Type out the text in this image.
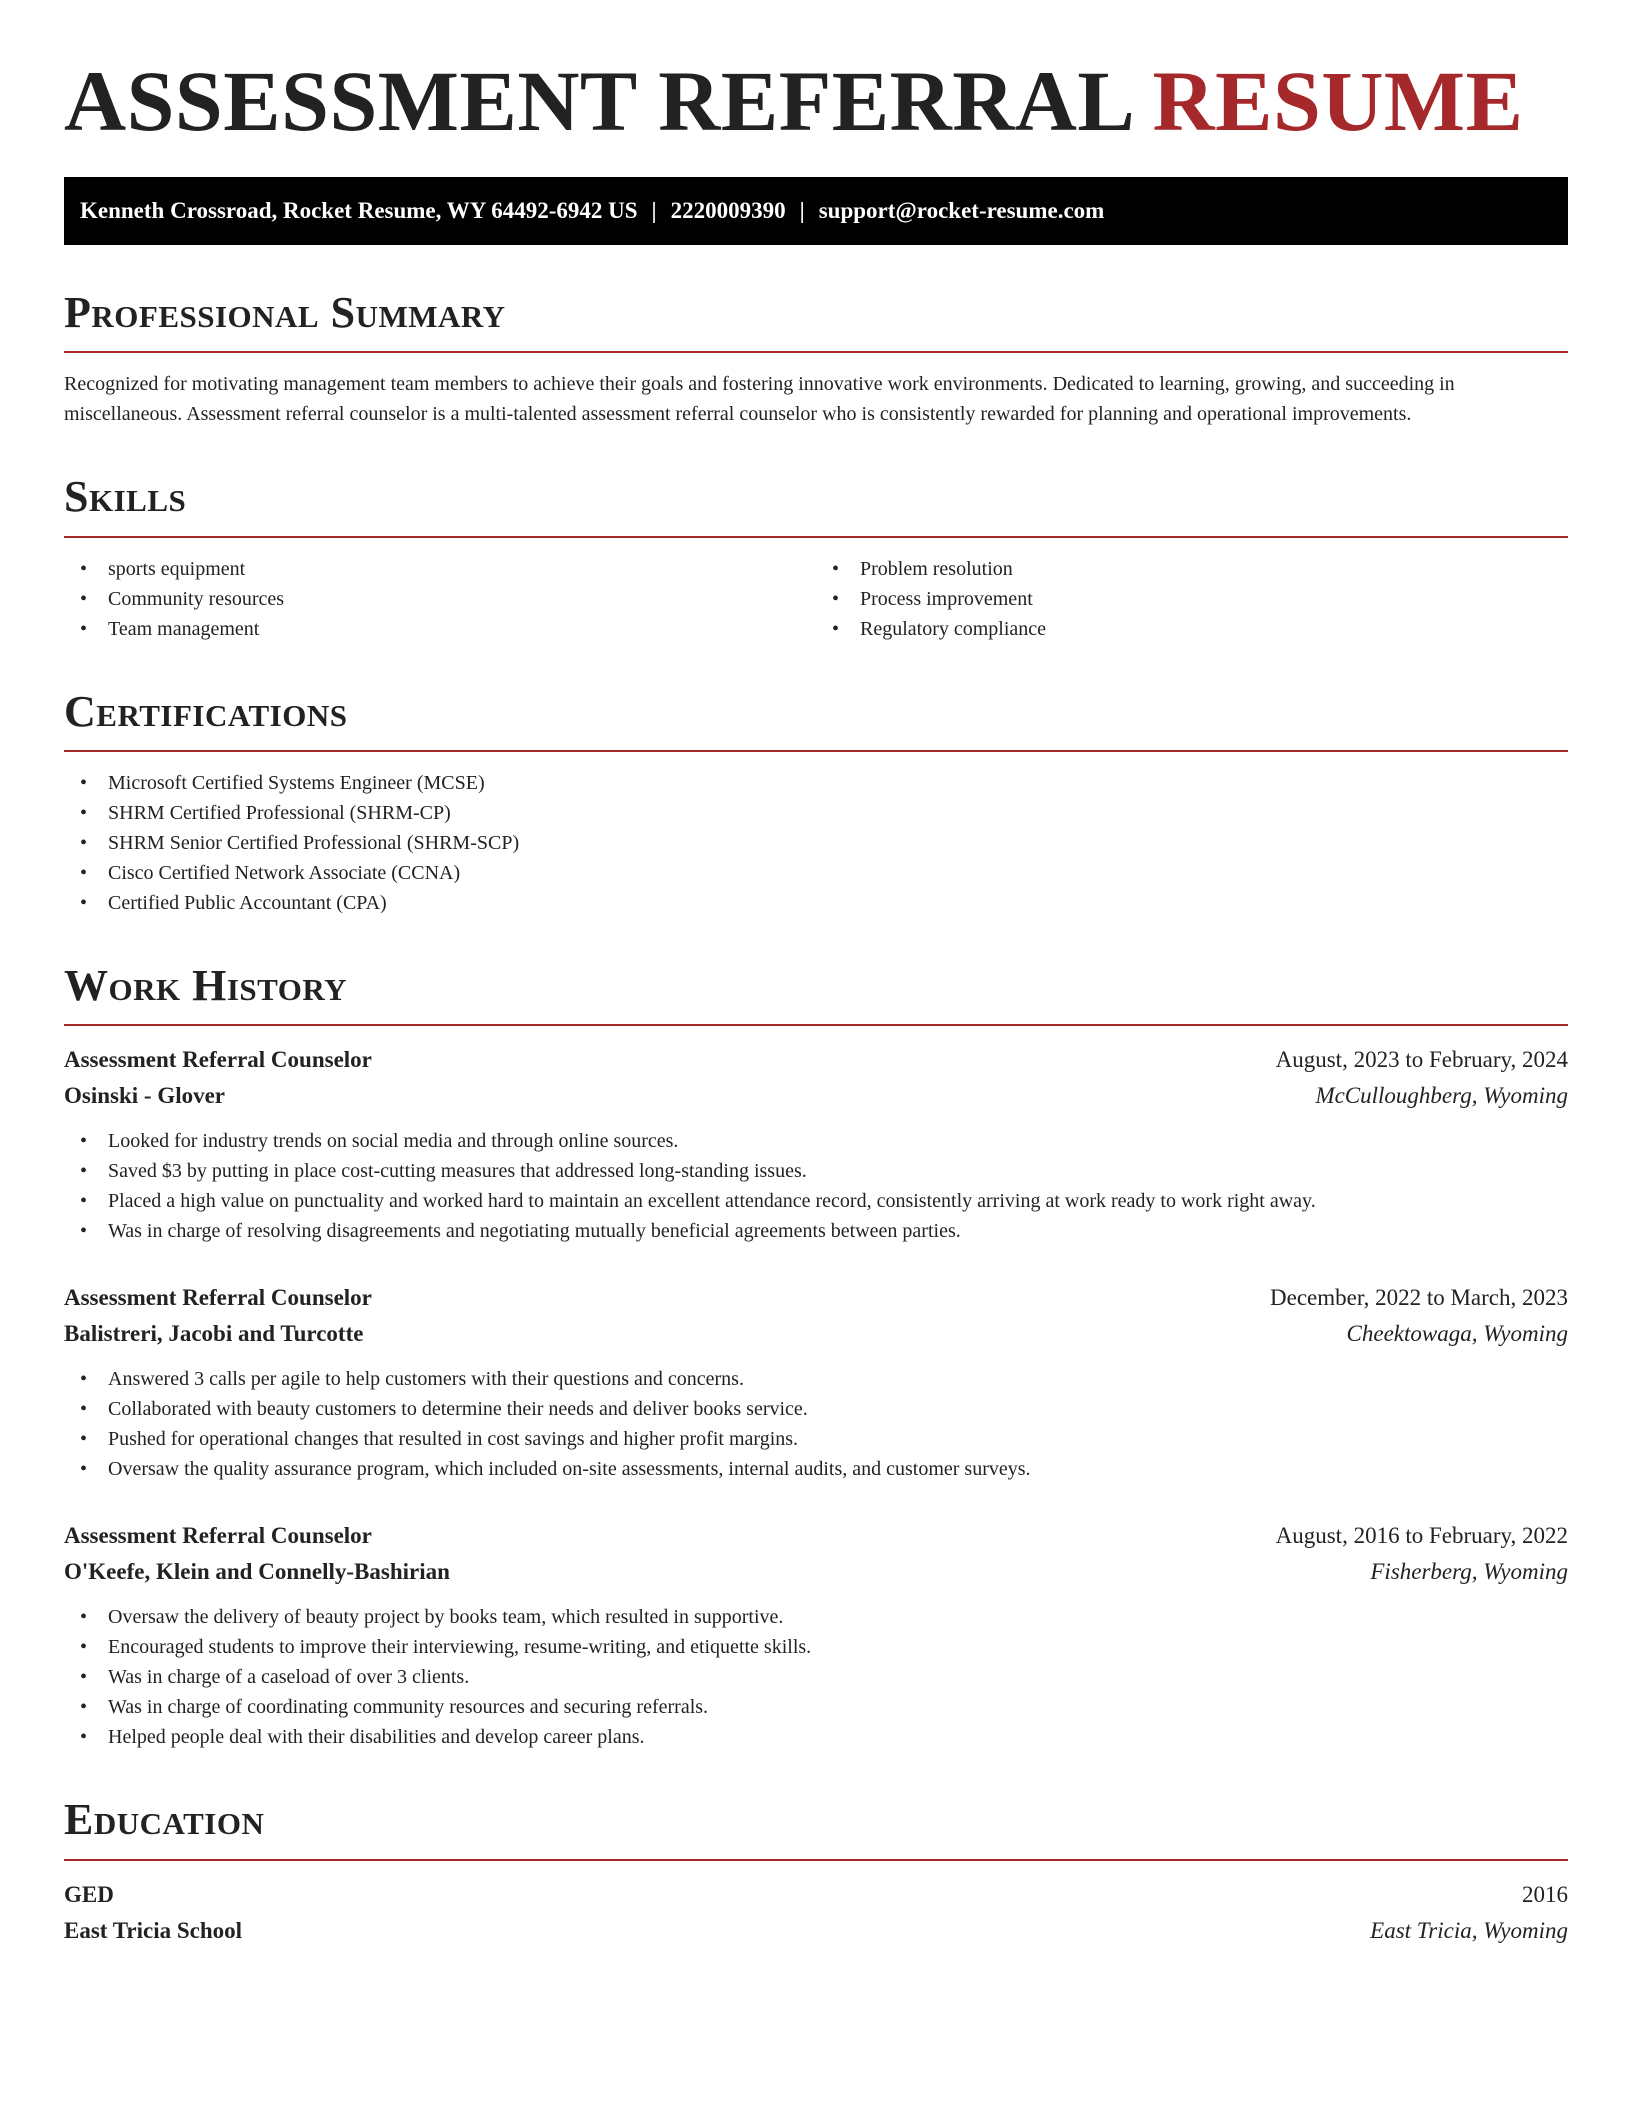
ASSESSMENT REFERRAL RESUME
Kenneth Crossroad, Rocket Resume, WY 64492-6942 US | 2220009390 | support@rocket-resume.com
Professional Summary

Recognized for motivating management team members to achieve their goals and fostering innovative work environments. Dedicated to learning, growing, and succeeding in miscellaneous. Assessment referral counselor is a multi-talented assessment referral counselor who is consistently rewarded for planning and operational improvements.

Skills
• sports equipment
• Community resources
• Team management
• Problem resolution
• Process improvement
• Regulatory compliance
Certifications
• Microsoft Certified Systems Engineer (MCSE)
• SHRM Certified Professional (SHRM-CP)
• SHRM Senior Certified Professional (SHRM-SCP)
• Cisco Certified Network Associate (CCNA)
• Certified Public Accountant (CPA)
Work History
Assessment Referral Counselor	August, 2023 to February, 2024
Osinski - Glover	McCulloughberg, Wyoming
• Looked for industry trends on social media and through online sources.
• Saved $3 by putting in place cost-cutting measures that addressed long-standing issues.
• Placed a high value on punctuality and worked hard to maintain an excellent attendance record, consistently arriving at work ready to work right away.
• Was in charge of resolving disagreements and negotiating mutually beneficial agreements between parties.
Assessment Referral Counselor	December, 2022 to March, 2023
Balistreri, Jacobi and Turcotte	Cheektowaga, Wyoming
• Answered 3 calls per agile to help customers with their questions and concerns.
• Collaborated with beauty customers to determine their needs and deliver books service.
• Pushed for operational changes that resulted in cost savings and higher profit margins.
• Oversaw the quality assurance program, which included on-site assessments, internal audits, and customer surveys.
Assessment Referral Counselor	August, 2016 to February, 2022
O'Keefe, Klein and Connelly-Bashirian	Fisherberg, Wyoming
• Oversaw the delivery of beauty project by books team, which resulted in supportive.
• Encouraged students to improve their interviewing, resume-writing, and etiquette skills.
• Was in charge of a caseload of over 3 clients.
• Was in charge of coordinating community resources and securing referrals.
• Helped people deal with their disabilities and develop career plans.
Education
GED	2016
East Tricia School	East Tricia, Wyoming
